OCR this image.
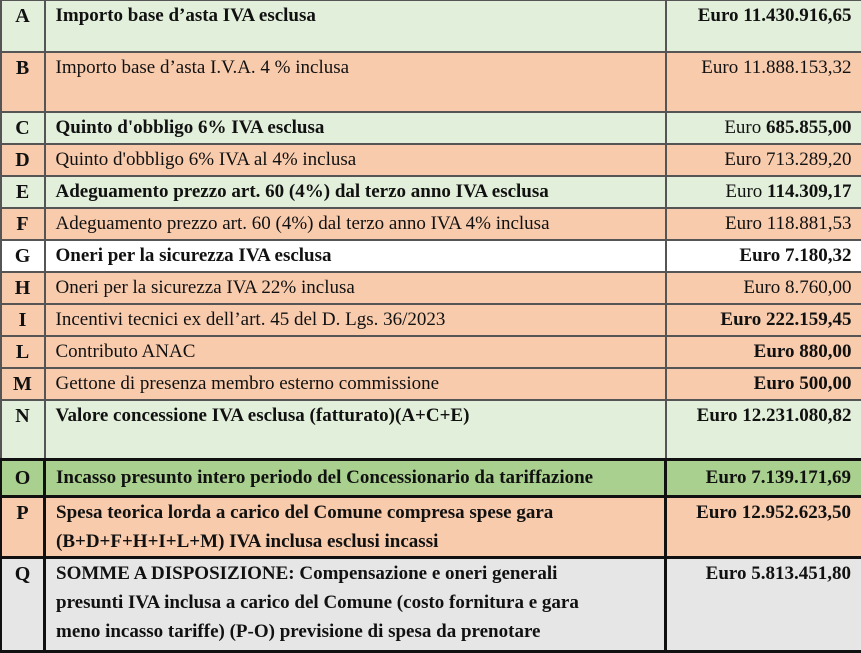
A	Importo base d’asta IVA esclusa	Euro 11.430.916,65
B	Importo base d’asta I.V.A. 4 % inclusa	Euro 11.888.153,32
C	Quinto d'obbligo 6% IVA esclusa	Euro 685.855,00
D	Quinto d'obbligo 6% IVA al 4% inclusa	Euro 713.289,20
E	Adeguamento prezzo art. 60 (4%) dal terzo anno IVA esclusa	Euro 114.309,17
F	Adeguamento prezzo art. 60 (4%) dal terzo anno IVA 4% inclusa	Euro 118.881,53
G	Oneri per la sicurezza IVA esclusa	Euro 7.180,32
H	Oneri per la sicurezza IVA 22% inclusa	Euro 8.760,00
I	Incentivi tecnici ex dell’art. 45 del D. Lgs. 36/2023	Euro 222.159,45
L	Contributo ANAC	Euro 880,00
M	Gettone di presenza membro esterno commissione	Euro 500,00
N	Valore concessione IVA esclusa (fatturato)(A+C+E)	Euro 12.231.080,82
O	Incasso presunto intero periodo del Concessionario da tariffazione	Euro 7.139.171,69
P	Spesa teorica lorda a carico del Comune compresa spese gara
(B+D+F+H+I+L+M) IVA inclusa esclusi incassi	Euro 12.952.623,50
Q	SOMME A DISPOSIZIONE: Compensazione e oneri generali
presunti IVA inclusa a carico del Comune (costo fornitura e gara
meno incasso tariffe) (P-O) previsione di spesa da prenotare	Euro 5.813.451,80
